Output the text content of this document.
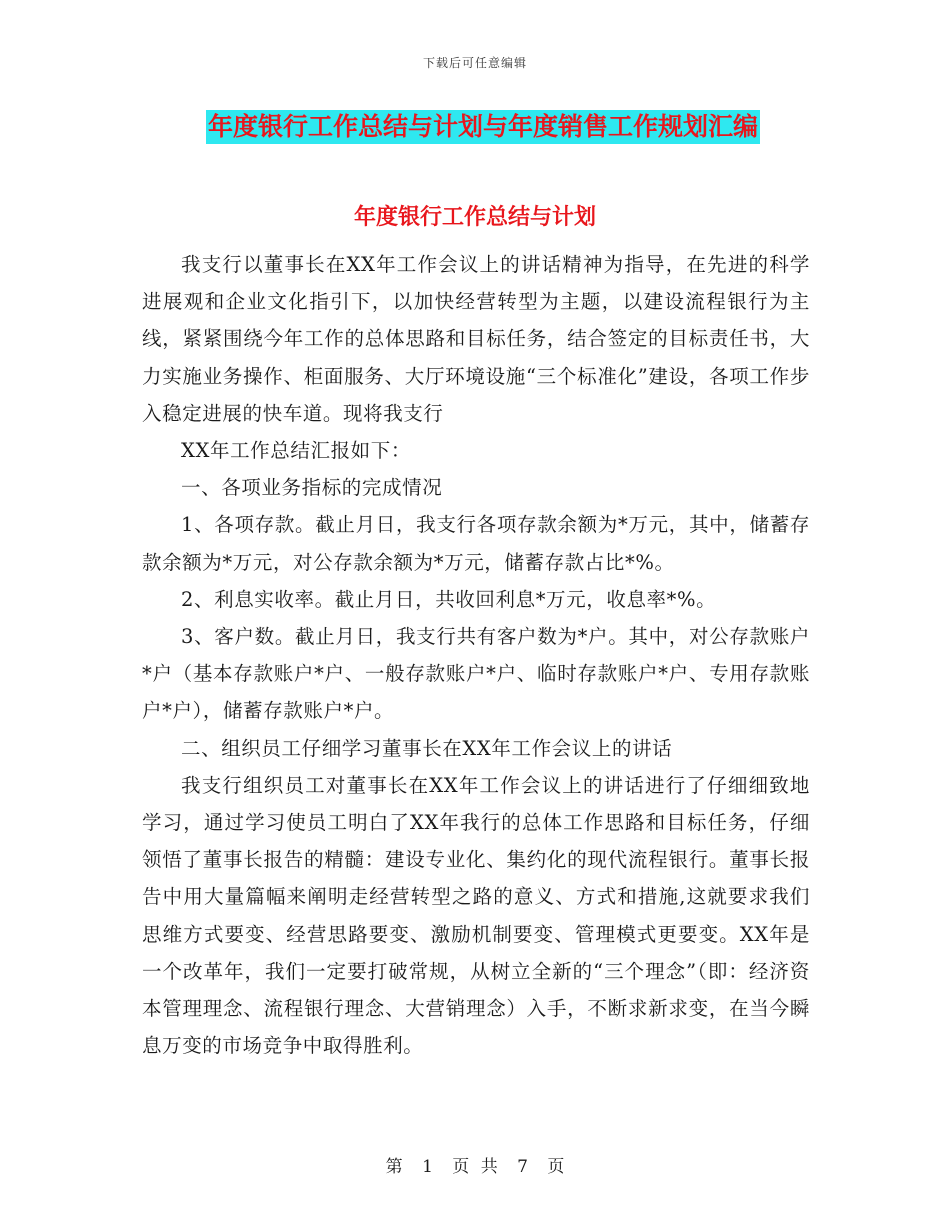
下载后可任意编辑
年度银行工作总结与计划与年度销售工作规划汇编
年度银行工作总结与计划

我支行以董事长在XX年工作会议上的讲话精神为指导，在先进的科学进展观和企业文化指引下，以加快经营转型为主题，以建设流程银行为主线，紧紧围绕今年工作的总体思路和目标任务，结合签定的目标责任书，大力实施业务操作、柜面服务、大厅环境设施“三个标准化”建设，各项工作步入稳定进展的快车道。现将我支行

XX年工作总结汇报如下：

一、各项业务指标的完成情况

1、各项存款。截止月日，我支行各项存款余额为*万元，其中，储蓄存款余额为*万元，对公存款余额为*万元，储蓄存款占比*%。

2、利息实收率。截止月日，共收回利息*万元，收息率*%。

3、客户数。截止月日，我支行共有客户数为*户。其中，对公存款账户*户（基本存款账户*户、一般存款账户*户、临时存款账户*户、专用存款账户*户），储蓄存款账户*户。

二、组织员工仔细学习董事长在XX年工作会议上的讲话

我支行组织员工对董事长在XX年工作会议上的讲话进行了仔细细致地学习，通过学习使员工明白了XX年我行的总体工作思路和目标任务，仔细领悟了董事长报告的精髓：建设专业化、集约化的现代流程银行。董事长报告中用大量篇幅来阐明走经营转型之路的意义、方式和措施,这就要求我们思维方式要变、经营思路要变、激励机制要变、管理模式更要变。XX年是一个改革年，我们一定要打破常规，从树立全新的“三个理念”（即：经济资本管理理念、流程银行理念、大营销理念）入手，不断求新求变，在当今瞬息万变的市场竞争中取得胜利。

第 1 页 共 7 页
